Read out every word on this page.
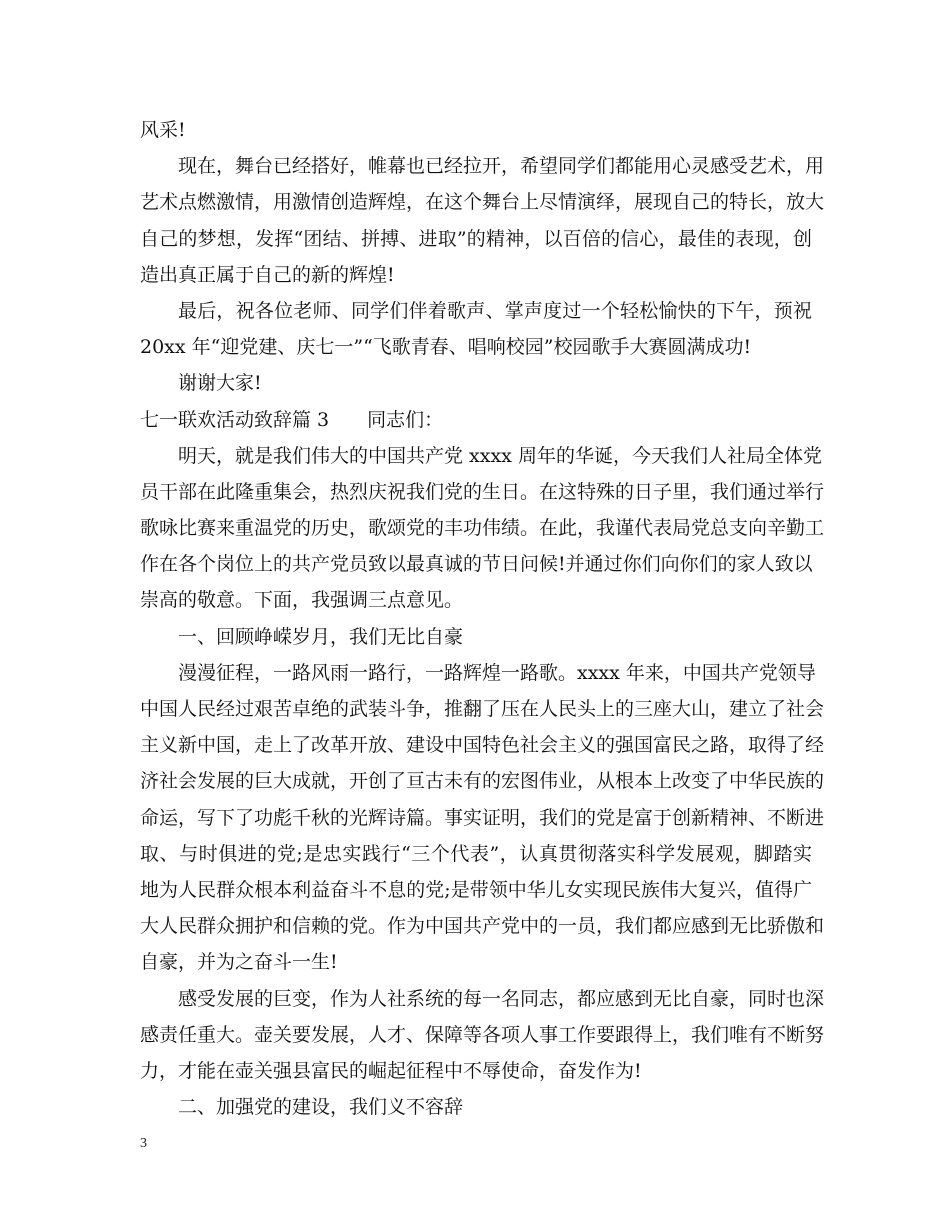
风采!
现在，舞台已经搭好，帷幕也已经拉开，希望同学们都能用心灵感受艺术，用
艺术点燃激情，用激情创造辉煌，在这个舞台上尽情演绎，展现自己的特长，放大
自己的梦想，发挥“团结、拼搏、进取”的精神，以百倍的信心，最佳的表现，创
造出真正属于自己的新的辉煌!
最后，祝各位老师、同学们伴着歌声、掌声度过一个轻松愉快的下午，预祝
20xx 年“迎党建、庆七一”“飞歌青春、唱响校园”校园歌手大赛圆满成功!
谢谢大家!
七一联欢活动致辞篇 3 同志们：
明天，就是我们伟大的中国共产党 xxxx 周年的华诞，今天我们人社局全体党
员干部在此隆重集会，热烈庆祝我们党的生日。在这特殊的日子里，我们通过举行
歌咏比赛来重温党的历史，歌颂党的丰功伟绩。在此，我谨代表局党总支向辛勤工
作在各个岗位上的共产党员致以最真诚的节日问候!并通过你们向你们的家人致以
崇高的敬意。下面，我强调三点意见。
一、回顾峥嵘岁月，我们无比自豪
漫漫征程，一路风雨一路行，一路辉煌一路歌。xxxx 年来，中国共产党领导
中国人民经过艰苦卓绝的武装斗争，推翻了压在人民头上的三座大山，建立了社会
主义新中国，走上了改革开放、建设中国特色社会主义的强国富民之路，取得了经
济社会发展的巨大成就，开创了亘古未有的宏图伟业，从根本上改变了中华民族的
命运，写下了功彪千秋的光辉诗篇。事实证明，我们的党是富于创新精神、不断进
取、与时俱进的党;是忠实践行“三个代表”，认真贯彻落实科学发展观，脚踏实
地为人民群众根本利益奋斗不息的党;是带领中华儿女实现民族伟大复兴，值得广
大人民群众拥护和信赖的党。作为中国共产党中的一员，我们都应感到无比骄傲和
自豪，并为之奋斗一生!
感受发展的巨变，作为人社系统的每一名同志，都应感到无比自豪，同时也深
感责任重大。壶关要发展，人才、保障等各项人事工作要跟得上，我们唯有不断努
力，才能在壶关强县富民的崛起征程中不辱使命，奋发作为!
二、加强党的建设，我们义不容辞
3
